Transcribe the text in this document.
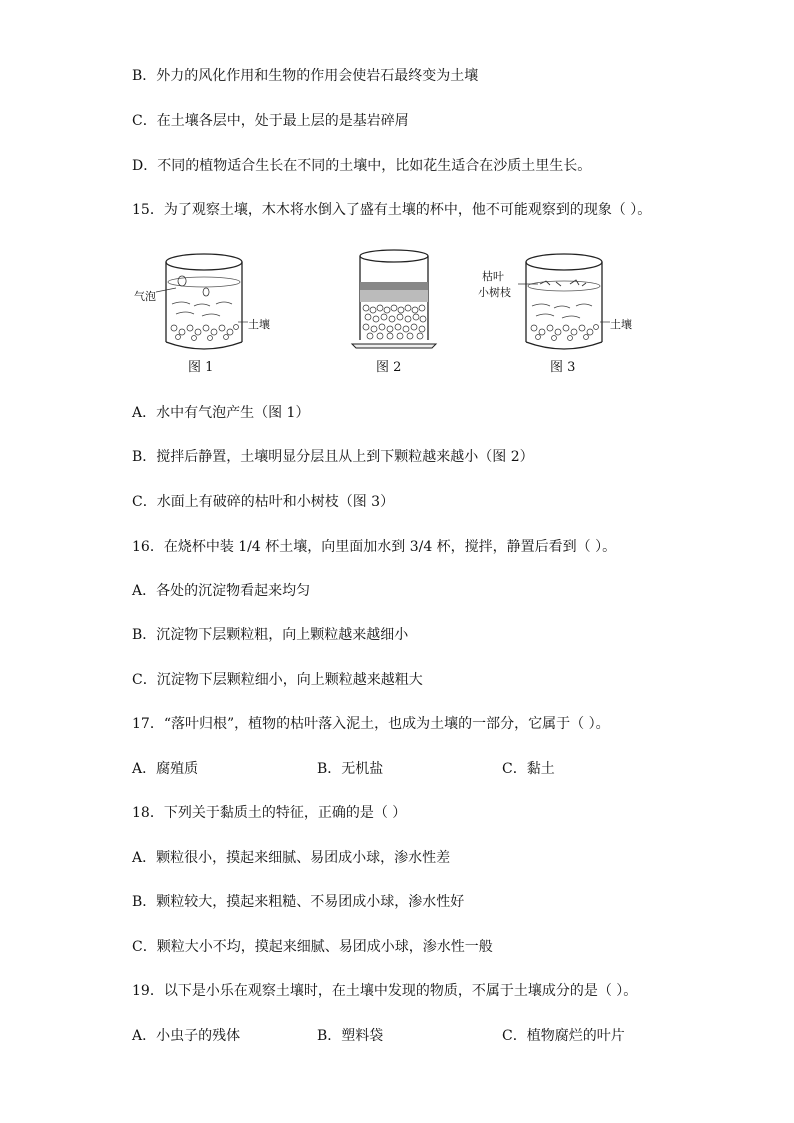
B．外力的风化作用和生物的作用会使岩石最终变为土壤
C．在土壤各层中，处于最上层的是基岩碎屑
D．不同的植物适合生长在不同的土壤中，比如花生适合在沙质土里生长。
15．为了观察土壤，木木将水倒入了盛有土壤的杯中，他不可能观察到的现象（ ）。
气泡
土壤
图 1	图 2
枯叶
小树枝
土壤
图 3
A．水中有气泡产生（图 1）
B．搅拌后静置，土壤明显分层且从上到下颗粒越来越小（图 2）
C．水面上有破碎的枯叶和小树枝（图 3）
16．在烧杯中装 1/4 杯土壤，向里面加水到 3/4 杯，搅拌，静置后看到（ ）。
A．各处的沉淀物看起来均匀
B．沉淀物下层颗粒粗，向上颗粒越来越细小
C．沉淀物下层颗粒细小，向上颗粒越来越粗大
17．“落叶归根”，植物的枯叶落入泥土，也成为土壤的一部分，它属于（ ）。
A．腐殖质	B．无机盐	C．黏土
18．下列关于黏质土的特征，正确的是（ ）
A．颗粒很小，摸起来细腻、易团成小球，渗水性差
B．颗粒较大，摸起来粗糙、不易团成小球，渗水性好
C．颗粒大小不均，摸起来细腻、易团成小球，渗水性一般
19．以下是小乐在观察土壤时，在土壤中发现的物质，不属于土壤成分的是（ ）。
A．小虫子的残体	B．塑料袋	C．植物腐烂的叶片
